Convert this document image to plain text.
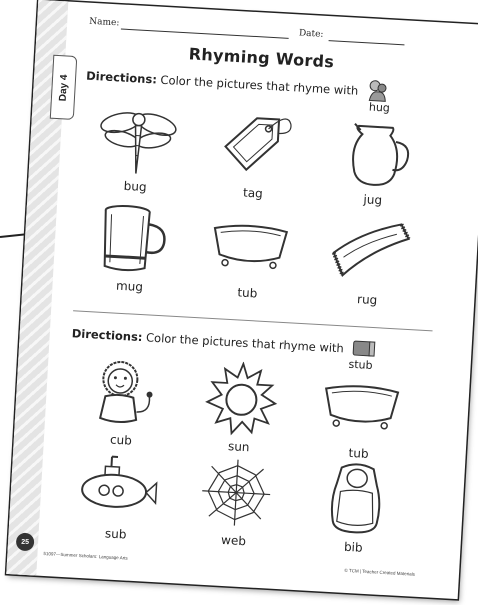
Day 4
Name:
Date:
Rhyming Words
Directions: Color the pictures that rhyme with
hug
bug	tag	jug
mug	tub	rug
Directions: Color the pictures that rhyme with
stub
cub	sun	tub
sub	web	bib
25
51097—Summer Scholars: Language Arts
© TCM | Teacher Created Materials
